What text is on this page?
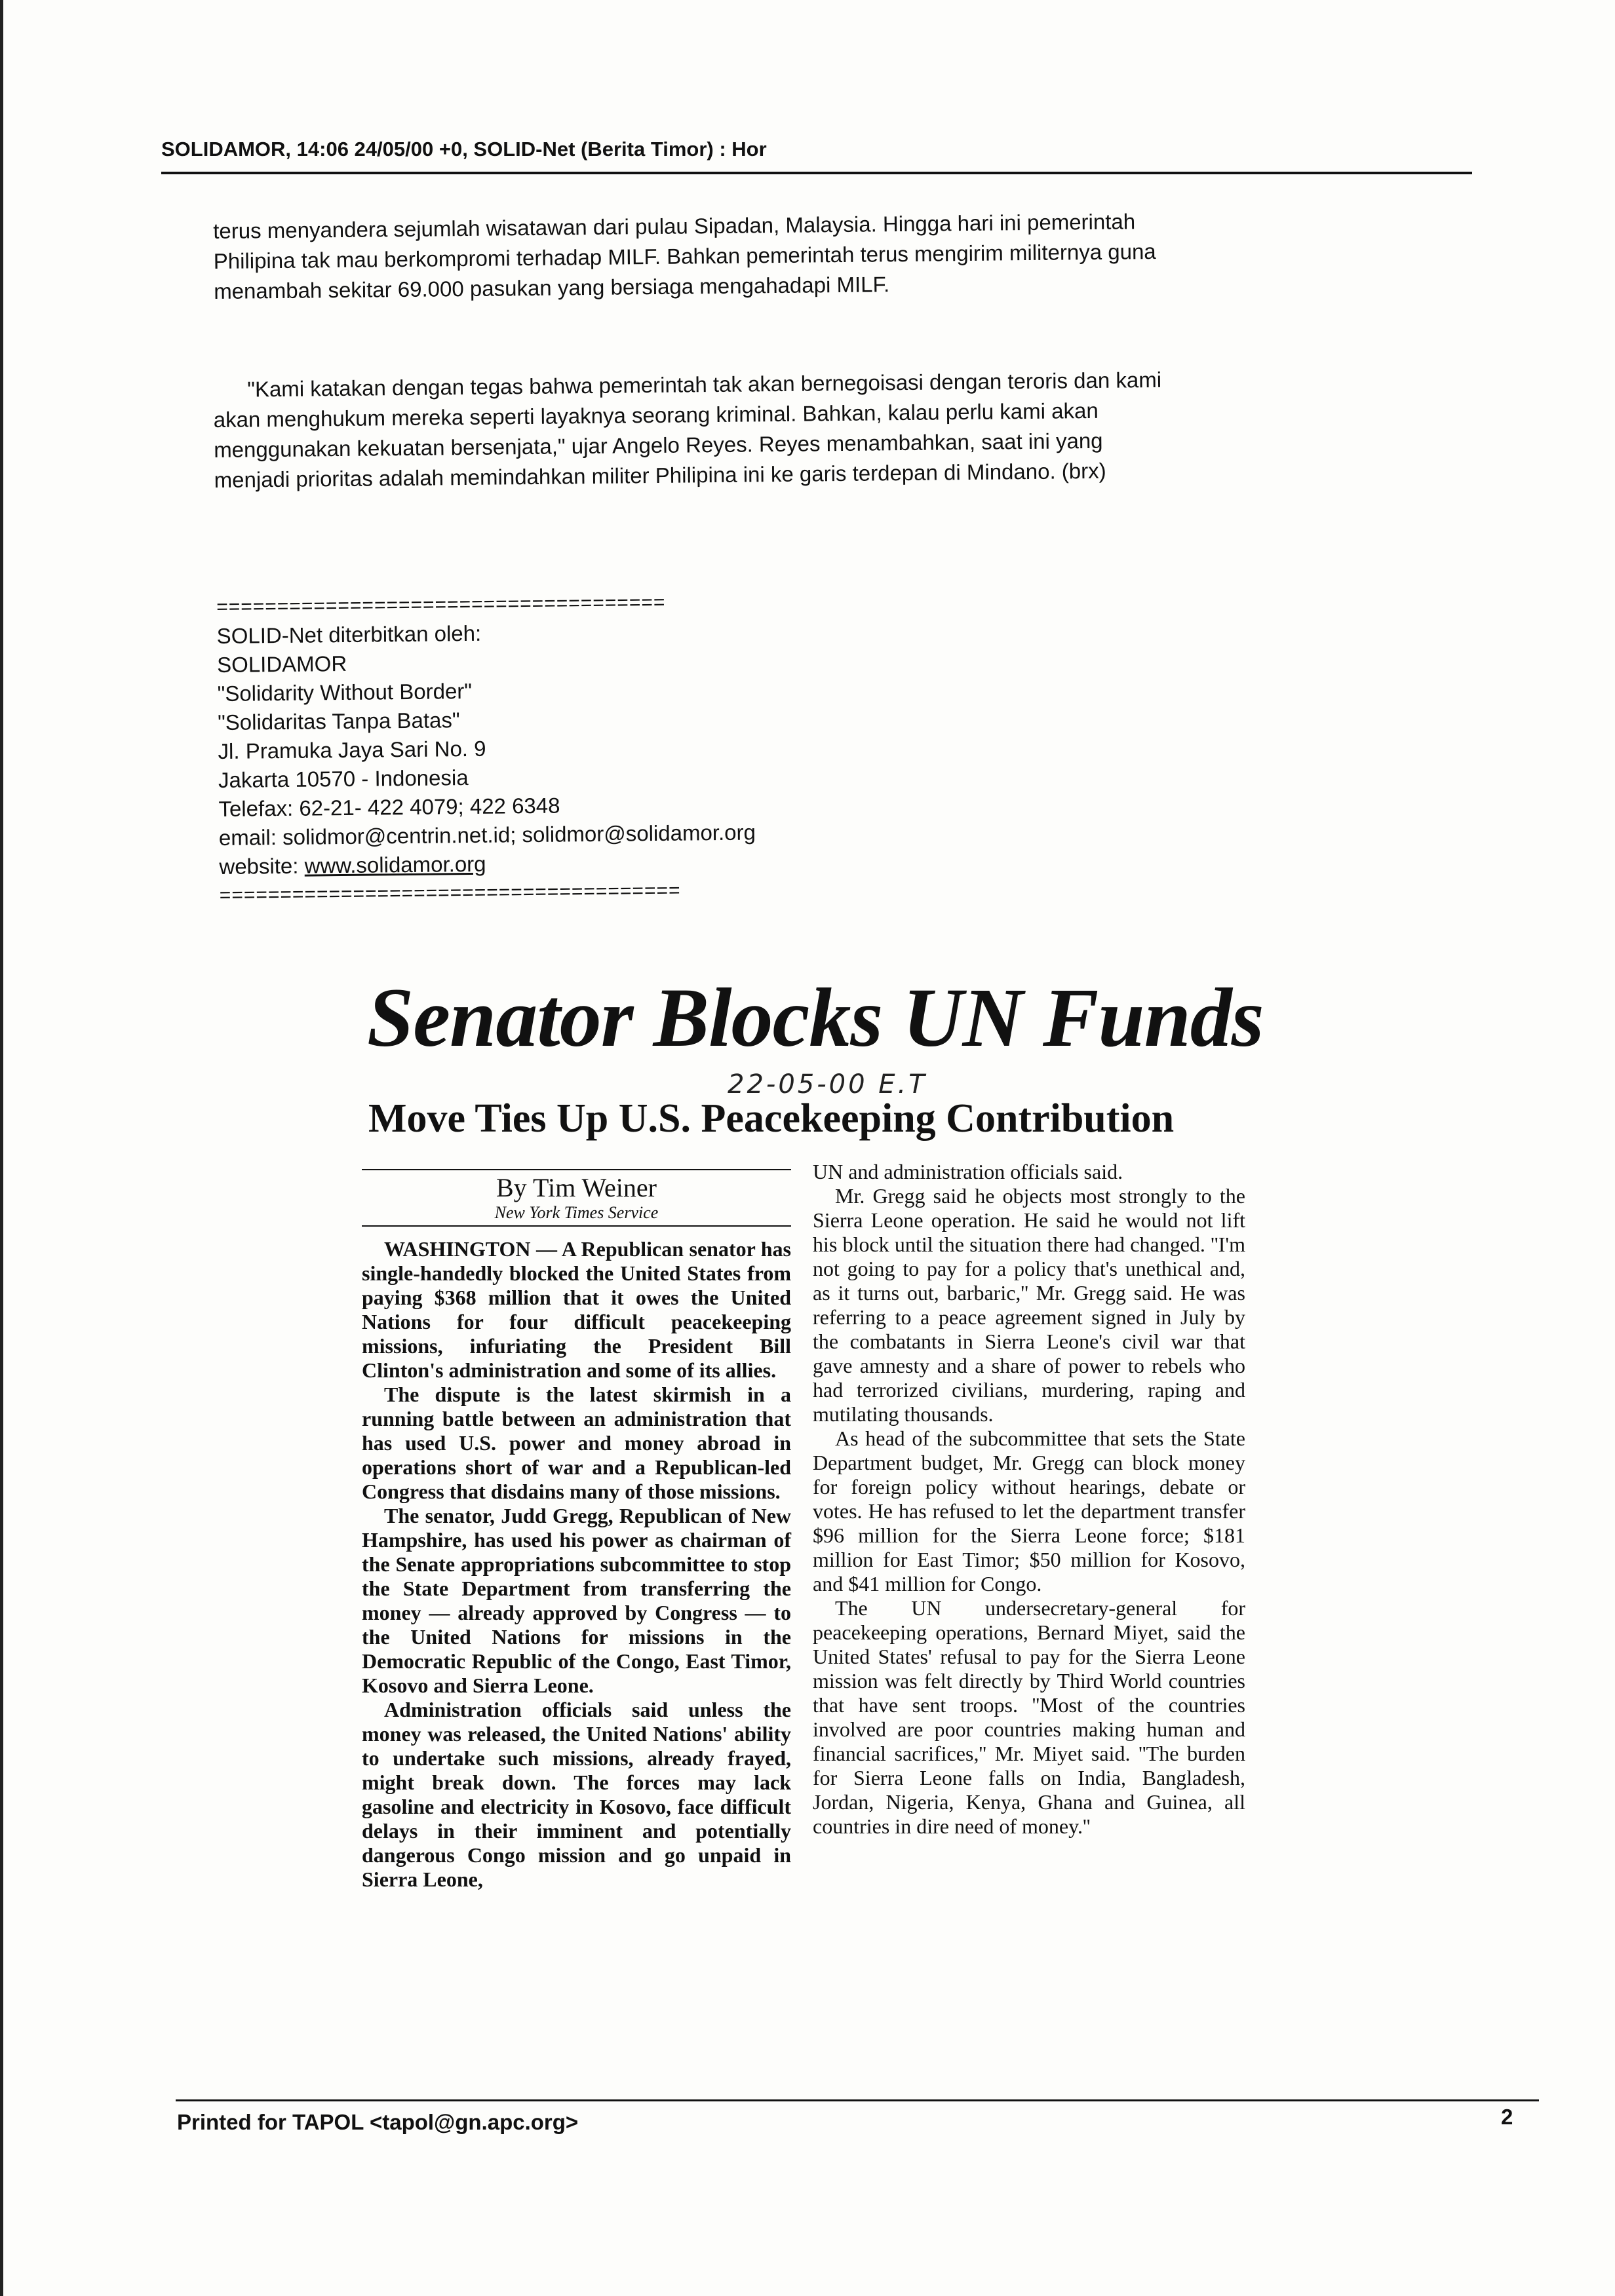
SOLIDAMOR, 14:06 24/05/00 +0, SOLID-Net (Berita Timor) : Hor

terus menyandera sejumlah wisatawan dari pulau Sipadan, Malaysia. Hingga hari ini pemerintah Philipina tak mau berkompromi terhadap MILF. Bahkan pemerintah terus mengirim militernya guna menambah sekitar 69.000 pasukan yang bersiaga mengahadapi MILF.

"Kami katakan dengan tegas bahwa pemerintah tak akan bernegoisasi dengan teroris dan kami akan menghukum mereka seperti layaknya seorang kriminal. Bahkan, kalau perlu kami akan menggunakan kekuatan bersenjata," ujar Angelo Reyes. Reyes menambahkan, saat ini yang menjadi prioritas adalah memindahkan militer Philipina ini ke garis terdepan di Mindano. (brx)

=====================================
SOLID-Net diterbitkan oleh:
SOLIDAMOR
"Solidarity Without Border"
"Solidaritas Tanpa Batas"
Jl. Pramuka Jaya Sari No. 9
Jakarta 10570 - Indonesia
Telefax: 62-21- 422 4079; 422 6348
email: solidmor@centrin.net.id; solidmor@solidamor.org
website: www.solidamor.org
======================================
Senator Blocks UN Funds
22-05-00 E.T
Move Ties Up U.S. Peacekeeping Contribution
By Tim Weiner
New York Times Service

WASHINGTON — A Republican senator has single-handedly blocked the United States from paying $368 million that it owes the United Nations for four difficult peacekeeping missions, infuriating the President Bill Clinton's administration and some of its allies.

The dispute is the latest skirmish in a running battle between an administration that has used U.S. power and money abroad in operations short of war and a Republican-led Congress that disdains many of those missions.

The senator, Judd Gregg, Republican of New Hampshire, has used his power as chairman of the Senate appropriations subcommittee to stop the State Department from transferring the money — already approved by Congress — to the United Nations for missions in the Democratic Republic of the Congo, East Timor, Kosovo and Sierra Leone.

Administration officials said unless the money was released, the United Nations' ability to undertake such missions, already frayed, might break down. The forces may lack gasoline and electricity in Kosovo, face difficult delays in their imminent and potentially dangerous Congo mission and go unpaid in Sierra Leone,

UN and administration officials said.

Mr. Gregg said he objects most strongly to the Sierra Leone operation. He said he would not lift his block until the situation there had changed. ''I'm not going to pay for a policy that's unethical and, as it turns out, barbaric,'' Mr. Gregg said. He was referring to a peace agreement signed in July by the combatants in Sierra Leone's civil war that gave amnesty and a share of power to rebels who had terrorized civilians, murdering, raping and mutilating thousands.

As head of the subcommittee that sets the State Department budget, Mr. Gregg can block money for foreign policy without hearings, debate or votes. He has refused to let the department transfer $96 million for the Sierra Leone force; $181 million for East Timor; $50 million for Kosovo, and $41 million for Congo.

The UN undersecretary-general for peacekeeping operations, Bernard Miyet, said the United States' refusal to pay for the Sierra Leone mission was felt directly by Third World countries that have sent troops. ''Most of the countries involved are poor countries making human and financial sacrifices,'' Mr. Miyet said. ''The burden for Sierra Leone falls on India, Bangladesh, Jordan, Nigeria, Kenya, Ghana and Guinea, all countries in dire need of money.''

Printed for TAPOL <tapol@gn.apc.org>	2
